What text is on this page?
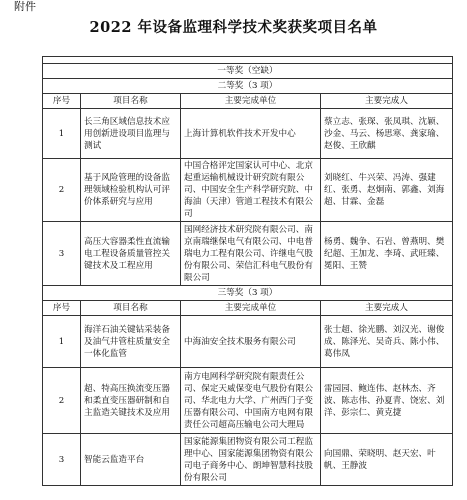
附件
2022 年设备监理科学技术奖获奖项目名单

一等奖（空缺）			
二等奖（3 项）			
序号	项目名称	主要完成单位	主要完成人
1	长三角区域信息技术应用创新进设项目监理与测试	上海计算机软件技术开发中心	蔡立志、张琛、张凤琪、沈颖、沙金、马云、杨思寒、龚家瑜、赵俊、王欣麒
2	基于风险管理的设备监理领域检验机构认可评价体系研究与应用	中国合格评定国家认可中心、北京起重运输机械设计研究院有限公司、中国安全生产科学研究院、中海油（天津）管道工程技术有限公司	刘晓红、牛兴荣、冯涛、强建红、张勇、赵炯南、郭鑫、刘海超、甘霖、金磊
3	高压大容器柔性直流输电工程设备质量管控关键技术及工程应用	国网经济技术研究院有限公司、南京南瑞继保电气有限公司、中电普瑞电力工程有限公司、许继电气股份有限公司、荣信汇科电气股份有限公司	杨勇、魏争、石岩、曾燕明、樊纪超、王加龙、李琦、武旺臻、冕阳、王赞
三等奖（3 项）			
序号	项目名称	主要完成单位	主要完成人
1	海洋石油关键钻采装备及油气井管柱质量安全一体化监管	中海油安全技术服务有限公司	张士超、徐光鹏、刘汉光、谢俊成、陈泽光、吴奇兵、陈小伟、葛伟凤
2	超、特高压换流变压器和柔直变压器研制和自主监造关键技术及应用	南方电网科学研究院有限责任公司、保定天威保变电气股份有限公司、华北电力大学、广州西门子变压器有限公司、中国南方电网有限责任公司超高压输电公司大理局	雷园园、鲍连伟、赵林杰、齐波、陈志伟、孙夏青、饶宏、刘洋、彭宗仁、黄克捷
3	智能云监造平台	国家能源集团物资有限公司工程监理中心、国家能源集团物资有限公司电子商务中心、朗坤智慧科技股份有限公司	向国鼎、荣晓明、赵天宏、叶帆、王静波
